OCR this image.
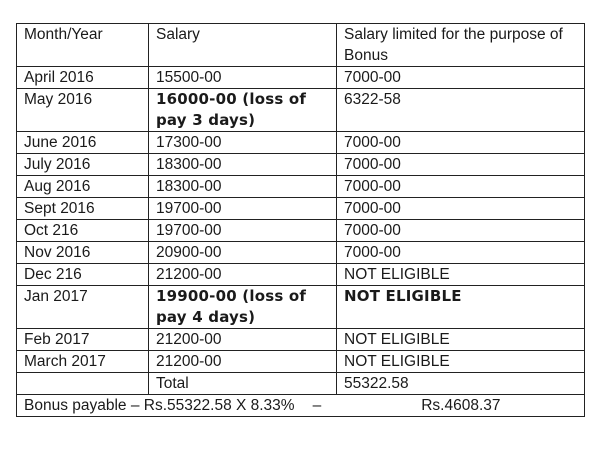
Month/Year	Salary	Salary limited for the purpose of Bonus
April 2016	15500-00	7000-00
May 2016	16000-00 (loss of pay 3 days)	6322-58
June 2016	17300-00	7000-00
July 2016	18300-00	7000-00
Aug 2016	18300-00	7000-00
Sept 2016	19700-00	7000-00
Oct 216	19700-00	7000-00
Nov 2016	20900-00	7000-00
Dec 216	21200-00	NOT ELIGIBLE
Jan 2017	19900-00 (loss of pay 4 days)	NOT ELIGIBLE
Feb 2017	21200-00	NOT ELIGIBLE
March 2017	21200-00	NOT ELIGIBLE
	Total	55322.58
Bonus payable – Rs.55322.58 X 8.33% – Rs.4608.37		
